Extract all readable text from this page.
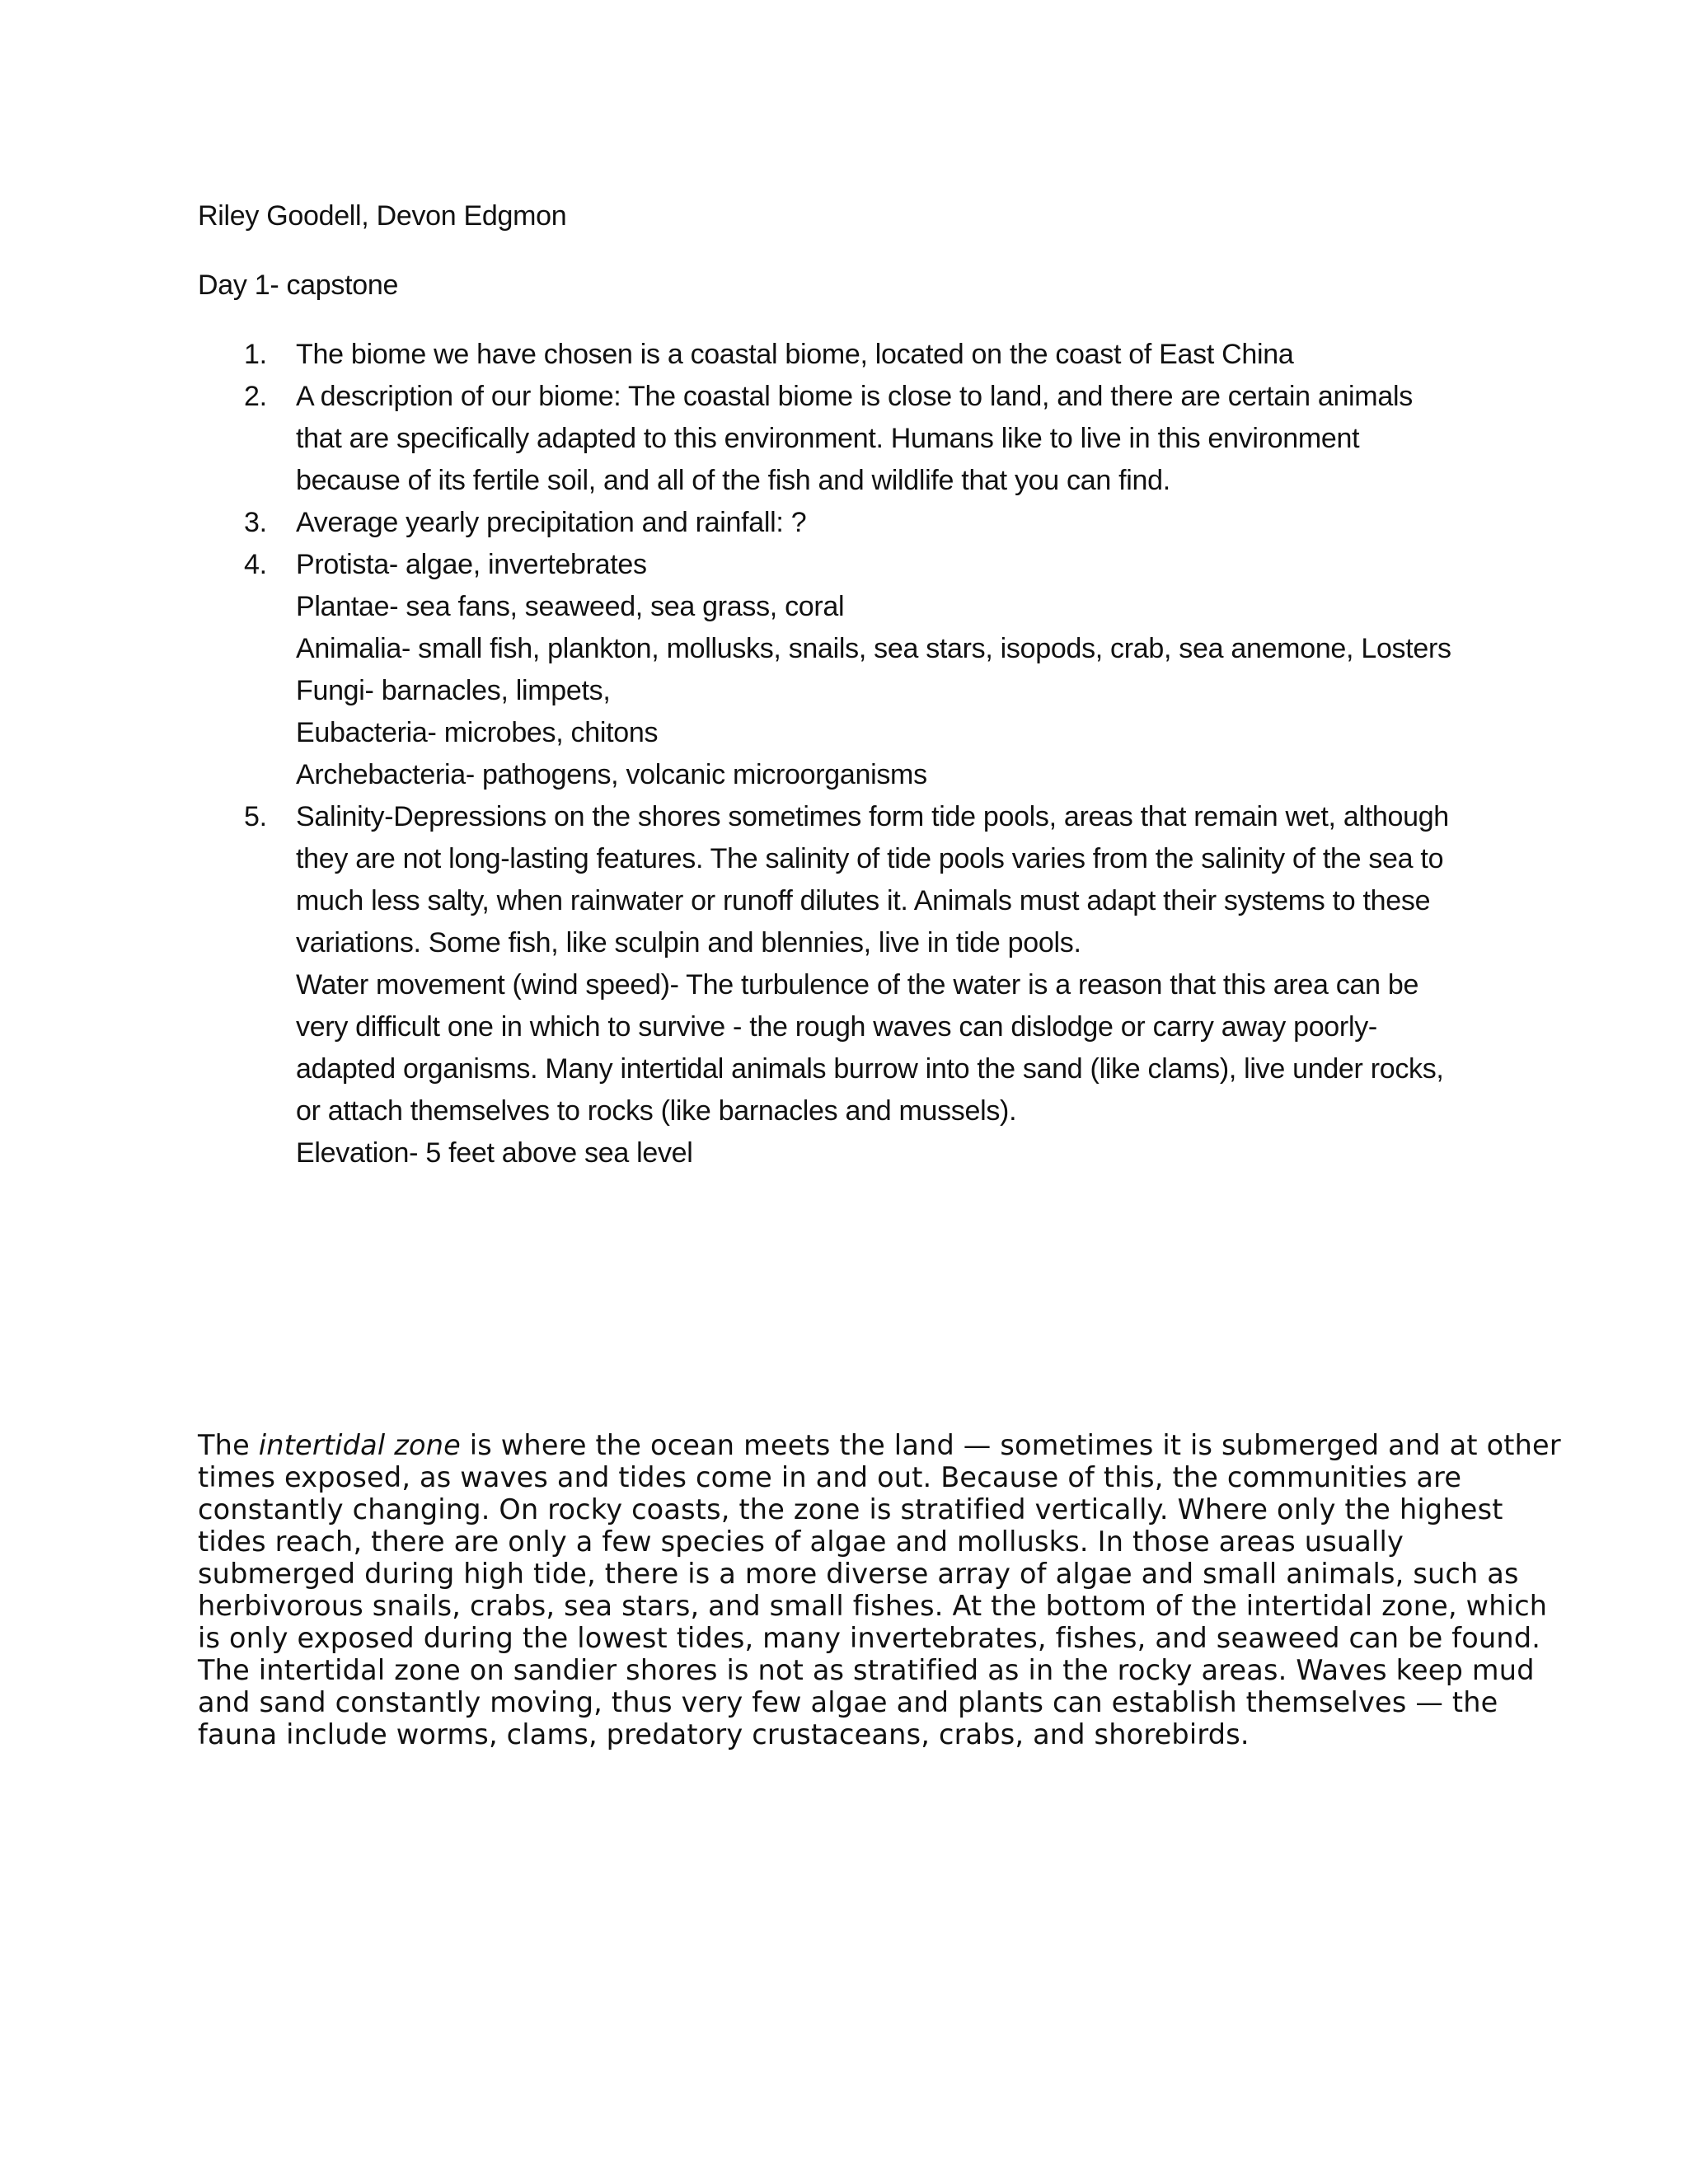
Riley Goodell, Devon Edgmon

Day 1- capstone

1. The biome we have chosen is a coastal biome, located on the coast of East China
2. A description of our biome: The coastal biome is close to land, and there are certain animals
that are specifically adapted to this environment. Humans like to live in this environment
because of its fertile soil, and all of the fish and wildlife that you can find.
3. Average yearly precipitation and rainfall: ?
4. Protista- algae, invertebrates
Plantae- sea fans, seaweed, sea grass, coral
Animalia- small fish, plankton, mollusks, snails, sea stars, isopods, crab, sea anemone, Losters
Fungi- barnacles, limpets,
Eubacteria- microbes, chitons
Archebacteria- pathogens, volcanic microorganisms
5. Salinity-Depressions on the shores sometimes form tide pools, areas that remain wet, although
they are not long-lasting features. The salinity of tide pools varies from the salinity of the sea to
much less salty, when rainwater or runoff dilutes it. Animals must adapt their systems to these
variations. Some fish, like sculpin and blennies, live in tide pools.
Water movement (wind speed)- The turbulence of the water is a reason that this area can be
very difficult one in which to survive - the rough waves can dislodge or carry away poorly-
adapted organisms. Many intertidal animals burrow into the sand (like clams), live under rocks,
or attach themselves to rocks (like barnacles and mussels).
Elevation- 5 feet above sea level

The intertidal zone is where the ocean meets the land — sometimes it is submerged and at other
times exposed, as waves and tides come in and out. Because of this, the communities are
constantly changing. On rocky coasts, the zone is stratified vertically. Where only the highest
tides reach, there are only a few species of algae and mollusks. In those areas usually
submerged during high tide, there is a more diverse array of algae and small animals, such as
herbivorous snails, crabs, sea stars, and small fishes. At the bottom of the intertidal zone, which
is only exposed during the lowest tides, many invertebrates, fishes, and seaweed can be found.
The intertidal zone on sandier shores is not as stratified as in the rocky areas. Waves keep mud
and sand constantly moving, thus very few algae and plants can establish themselves — the
fauna include worms, clams, predatory crustaceans, crabs, and shorebirds.
